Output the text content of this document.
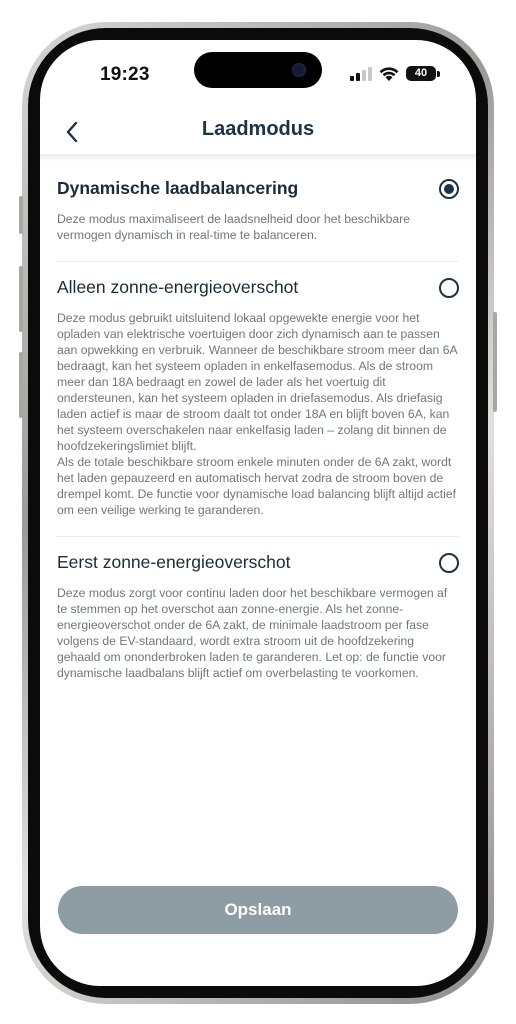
19:23	40
Laadmodus
Dynamische laadbalancering
Deze modus maximaliseert de laadsnelheid door het beschikbare vermogen dynamisch in real-time te balanceren.
Alleen zonne-energieoverschot
Deze modus gebruikt uitsluitend lokaal opgewekte energie voor het opladen van elektrische voertuigen door zich dynamisch aan te passen aan opwekking en verbruik. Wanneer de beschikbare stroom meer dan 6A bedraagt, kan het systeem opladen in enkelfasemodus. Als de stroom meer dan 18A bedraagt en zowel de lader als het voertuig dit ondersteunen, kan het systeem opladen in driefasemodus. Als driefasig laden actief is maar de stroom daalt tot onder 18A en blijft boven 6A, kan het systeem overschakelen naar enkelfasig laden – zolang dit binnen de hoofdzekeringslimiet blijft.
Als de totale beschikbare stroom enkele minuten onder de 6A zakt, wordt het laden gepauzeerd en automatisch hervat zodra de stroom boven de drempel komt. De functie voor dynamische load balancing blijft altijd actief om een veilige werking te garanderen.
Eerst zonne-energieoverschot
Deze modus zorgt voor continu laden door het beschikbare vermogen af te stemmen op het overschot aan zonne-energie. Als het zonne-energieoverschot onder de 6A zakt, de minimale laadstroom per fase volgens de EV-standaard, wordt extra stroom uit de hoofdzekering gehaald om ononderbroken laden te garanderen. Let op: de functie voor dynamische laadbalans blijft actief om overbelasting te voorkomen.
Opslaan
